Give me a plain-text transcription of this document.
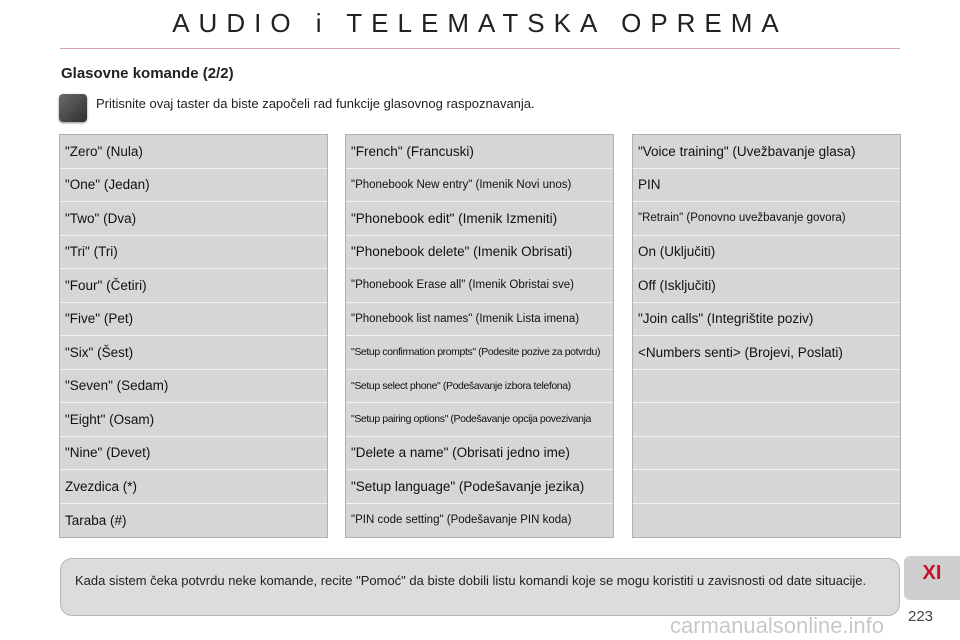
AUDIO i TELEMATSKA OPREMA
Glasovne komande (2/2)
Pritisnite ovaj taster da biste započeli rad funkcije glasovnog raspoznavanja.
"Zero" (Nula)
"One" (Jedan)
"Two" (Dva)
"Tri" (Tri)
"Four" (Četiri)
"Five" (Pet)
"Six" (Šest)
"Seven" (Sedam)
"Eight" (Osam)
"Nine" (Devet)
Zvezdica (*)
Taraba (#)
"French" (Francuski)
"Phonebook New entry" (Imenik Novi unos)
"Phonebook edit" (Imenik Izmeniti)
"Phonebook delete" (Imenik Obrisati)
"Phonebook Erase all" (Imenik Obristai sve)
"Phonebook list names" (Imenik Lista imena)
"Setup confirmation prompts" (Podesite pozive za potvrdu)
"Setup select phone" (Podešavanje izbora telefona)
"Setup pairing options" (Podešavanje opcija povezivanja
"Delete a name" (Obrisati jedno ime)
"Setup language" (Podešavanje jezika)
"PIN code setting" (Podešavanje PIN koda)
"Voice training" (Uvežbavanje glasa)
PIN
"Retrain" (Ponovno uvežbavanje govora)
On (Uključiti)
Off (Isključiti)
"Join calls" (Integrištite poziv)
<Numbers senti> (Brojevi, Poslati)
Kada sistem čeka potvrdu neke komande, recite "Pomoć" da biste dobili listu komandi koje se mogu koristiti u zavisnosti od date situacije.	XI
223
carmanualsonline.info
